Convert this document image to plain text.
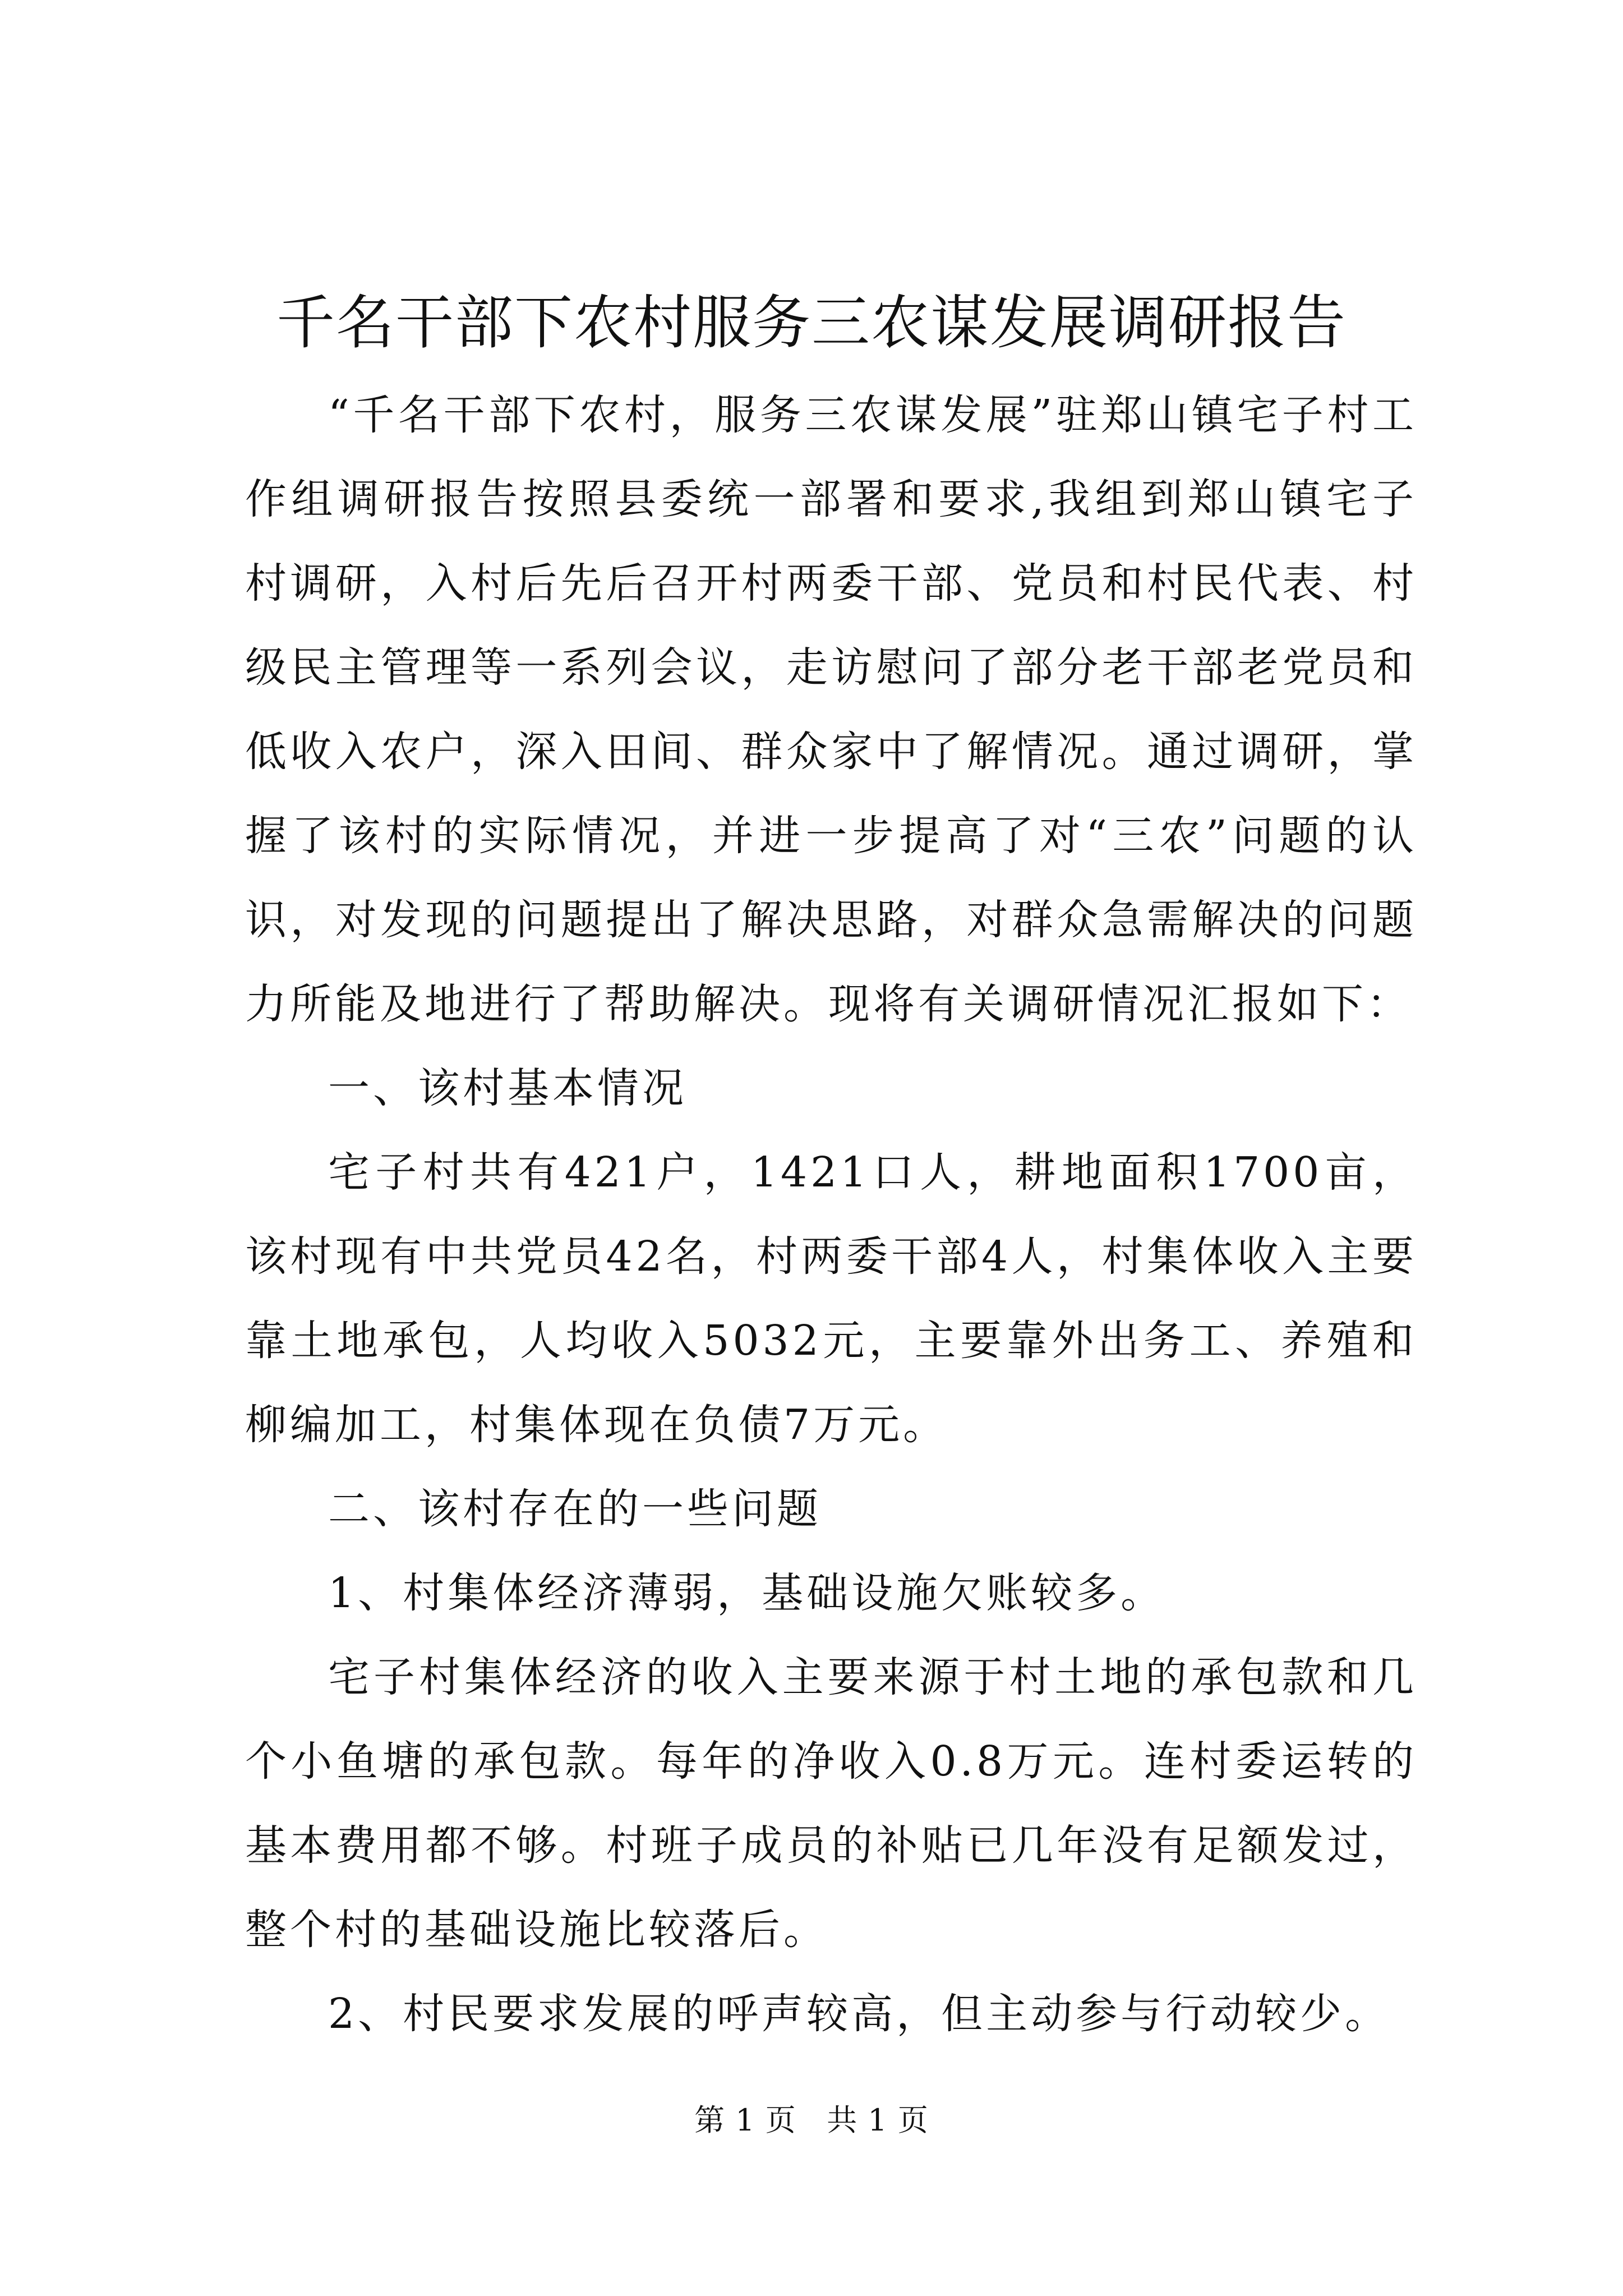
千名干部下农村服务三农谋发展调研报告

“千名干部下农村，服务三农谋发展”驻郑山镇宅子村工作组调研报告按照县委统一部署和要求,我组到郑山镇宅子村调研，入村后先后召开村两委干部、党员和村民代表、村级民主管理等一系列会议，走访慰问了部分老干部老党员和低收入农户，深入田间、群众家中了解情况。通过调研，掌握了该村的实际情况，并进一步提高了对“三农”问题的认识，对发现的问题提出了解决思路，对群众急需解决的问题力所能及地进行了帮助解决。现将有关调研情况汇报如下：

一、该村基本情况

宅子村共有421户，1421口人，耕地面积1700亩，该村现有中共党员42名，村两委干部4人，村集体收入主要靠土地承包，人均收入5032元，主要靠外出务工、养殖和柳编加工，村集体现在负债7万元。

二、该村存在的一些问题

1、村集体经济薄弱，基础设施欠账较多。

宅子村集体经济的收入主要来源于村土地的承包款和几个小鱼塘的承包款。每年的净收入0.8万元。连村委运转的基本费用都不够。村班子成员的补贴已几年没有足额发过，整个村的基础设施比较落后。

2、村民要求发展的呼声较高，但主动参与行动较少。

第 1 页   共 1 页
